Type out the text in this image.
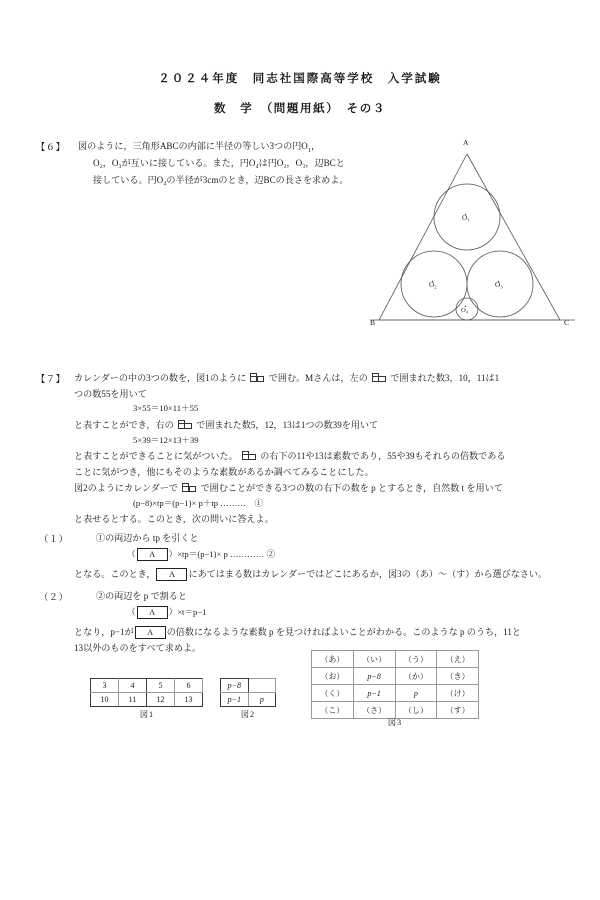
２０２４年度　同志社国際高等学校　入学試験
数　学　（問題用紙）　その３
【６】 図のように，三角形ABCの内部に半径の等しい3つの円$O_1$，
O₂，O₃が互いに接している。また，円O₄は円O₂，O₃，辺BCと
接している。円O₄の半径が3cmのとき，辺BCの長さを求めよ。
A
B	C
O₁
O₂	O₃
O₄
【７】 カレンダーの中の3つの数を，図1のように で囲む。Mさんは，左の で囲まれた数3，10，11は1
つの数55を用いて
3×55＝10×11＋55
と表すことができ，右の で囲まれた数5，12，13は1つの数39を用いて
5×39＝12×13＋39
と表すことができることに気がついた。 の右下の11や13は素数であり，55や39もそれらの倍数である
ことに気がつき，他にもそのような素数があるか調べてみることにした。
図2のようにカレンダーで で囲むことができる3つの数の右下の数を p とするとき，自然数 t を用いて
(p−8)×tp＝(p−1)× p＋tp ………　①
と表せるとする。このとき，次の問いに答えよ。
（１）	①の両辺から tp を引くと
（ A ）×tp＝(p−1)× p ………… ②
となる。このとき， A にあてはまる数はカレンダーではどこにあるか，図3の（あ）～（す）から選びなさい。
（２）	②の両辺を p で割ると
（ A ）×t＝p−1
となり，p−1が A の倍数になるような素数 p を見つければよいことがわかる。このような p のうち，11と
13以外のものをすべて求めよ。
3	4	5	6
10	11	12	13
図1
p−8	
p−1	p
図2
（あ）	（い）	（う）	（え）
（お）	p−8	（か）	（き）
（く）	p−1	p	（け）
（こ）	（さ）	（し）	（す）
図3
